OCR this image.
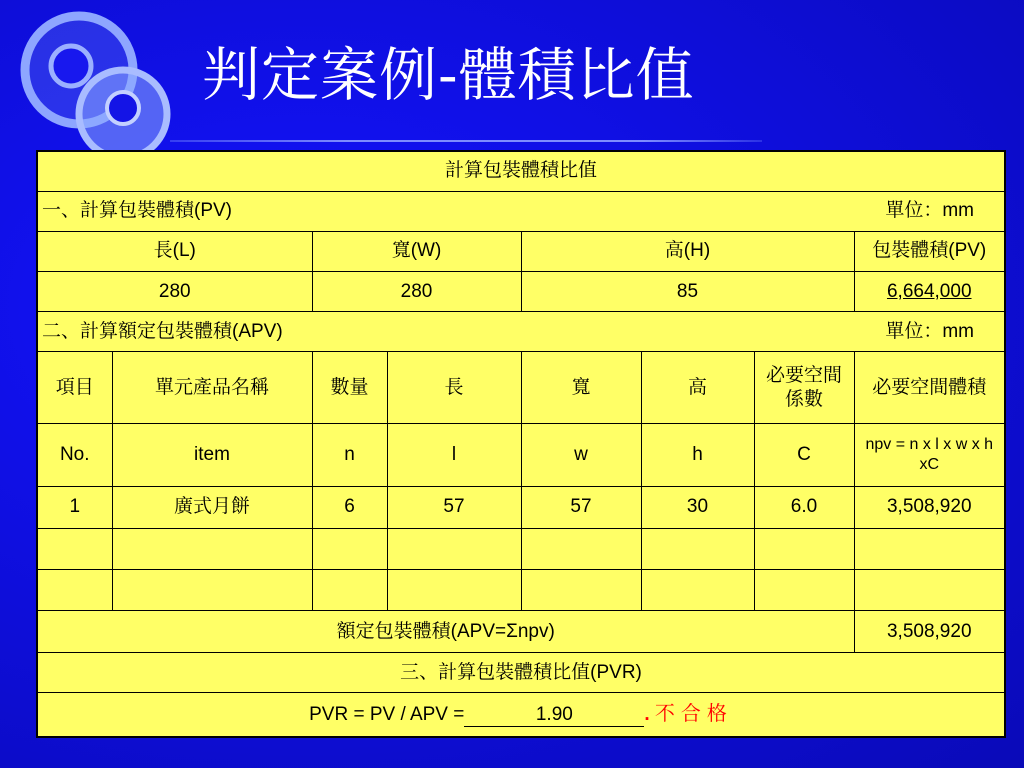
判定案例-體積比值
計算包裝體積比值							

一、計算包裝體積(PV) 單位：mm							

長(L)		寬(W)		高(H)			包裝體積(PV)
280		280		85			6,664,000

二、計算額定包裝體積(APV) 單位：mm							

項目	單元產品名稱	數量	長	寬	高	必要空間係數	必要空間體積
No.	item	n	l	w	h	C	npv = n x l x w x h xC
1	廣式月餅	6	57	57	30	6.0	3,508,920

額定包裝體積(APV=Σnpv)							3,508,920
三、計算包裝體積比值(PVR)							
PVR = PV / APV = 1.90 . 不合格							
